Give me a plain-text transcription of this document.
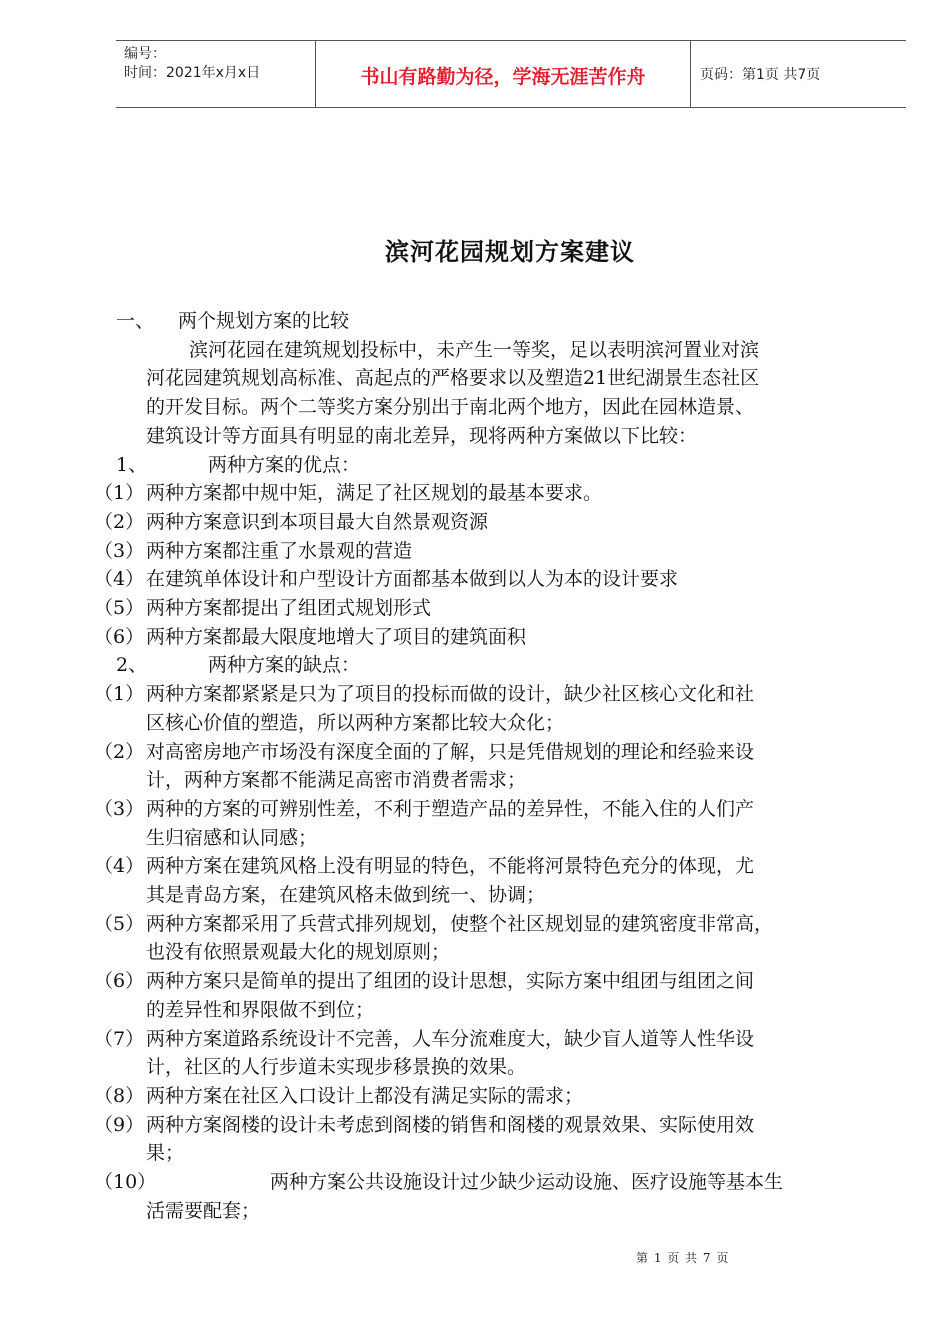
编号：
时间：2021年x月x日	书山有路勤为径，学海无涯苦作舟	页码：第1页 共7页
滨河花园规划方案建议
一、 两个规划方案的比较
滨河花园在建筑规划投标中，未产生一等奖，足以表明滨河置业对滨
河花园建筑规划高标准、高起点的严格要求以及塑造21世纪湖景生态社区
的开发目标。两个二等奖方案分别出于南北两个地方，因此在园林造景、
建筑设计等方面具有明显的南北差异，现将两种方案做以下比较：
1、	两种方案的优点：
（1） 两种方案都中规中矩，满足了社区规划的最基本要求。
（2） 两种方案意识到本项目最大自然景观资源
（3） 两种方案都注重了水景观的营造
（4） 在建筑单体设计和户型设计方面都基本做到以人为本的设计要求
（5） 两种方案都提出了组团式规划形式
（6） 两种方案都最大限度地增大了项目的建筑面积
2、	两种方案的缺点：
（1） 两种方案都紧紧是只为了项目的投标而做的设计，缺少社区核心文化和社
区核心价值的塑造，所以两种方案都比较大众化；
（2） 对高密房地产市场没有深度全面的了解，只是凭借规划的理论和经验来设
计，两种方案都不能满足高密市消费者需求；
（3） 两种的方案的可辨别性差，不利于塑造产品的差异性，不能入住的人们产
生归宿感和认同感；
（4） 两种方案在建筑风格上没有明显的特色，不能将河景特色充分的体现，尤
其是青岛方案，在建筑风格未做到统一、协调；
（5） 两种方案都采用了兵营式排列规划，使整个社区规划显的建筑密度非常高，
也没有依照景观最大化的规划原则；
（6） 两种方案只是简单的提出了组团的设计思想，实际方案中组团与组团之间
的差异性和界限做不到位；
（7） 两种方案道路系统设计不完善，人车分流难度大，缺少盲人道等人性华设
计，社区的人行步道未实现步移景换的效果。
（8） 两种方案在社区入口设计上都没有满足实际的需求；
（9） 两种方案阁楼的设计未考虑到阁楼的销售和阁楼的观景效果、实际使用效
果；
（10）	两种方案公共设施设计过少缺少运动设施、医疗设施等基本生
活需要配套；
第 1 页 共 7 页
